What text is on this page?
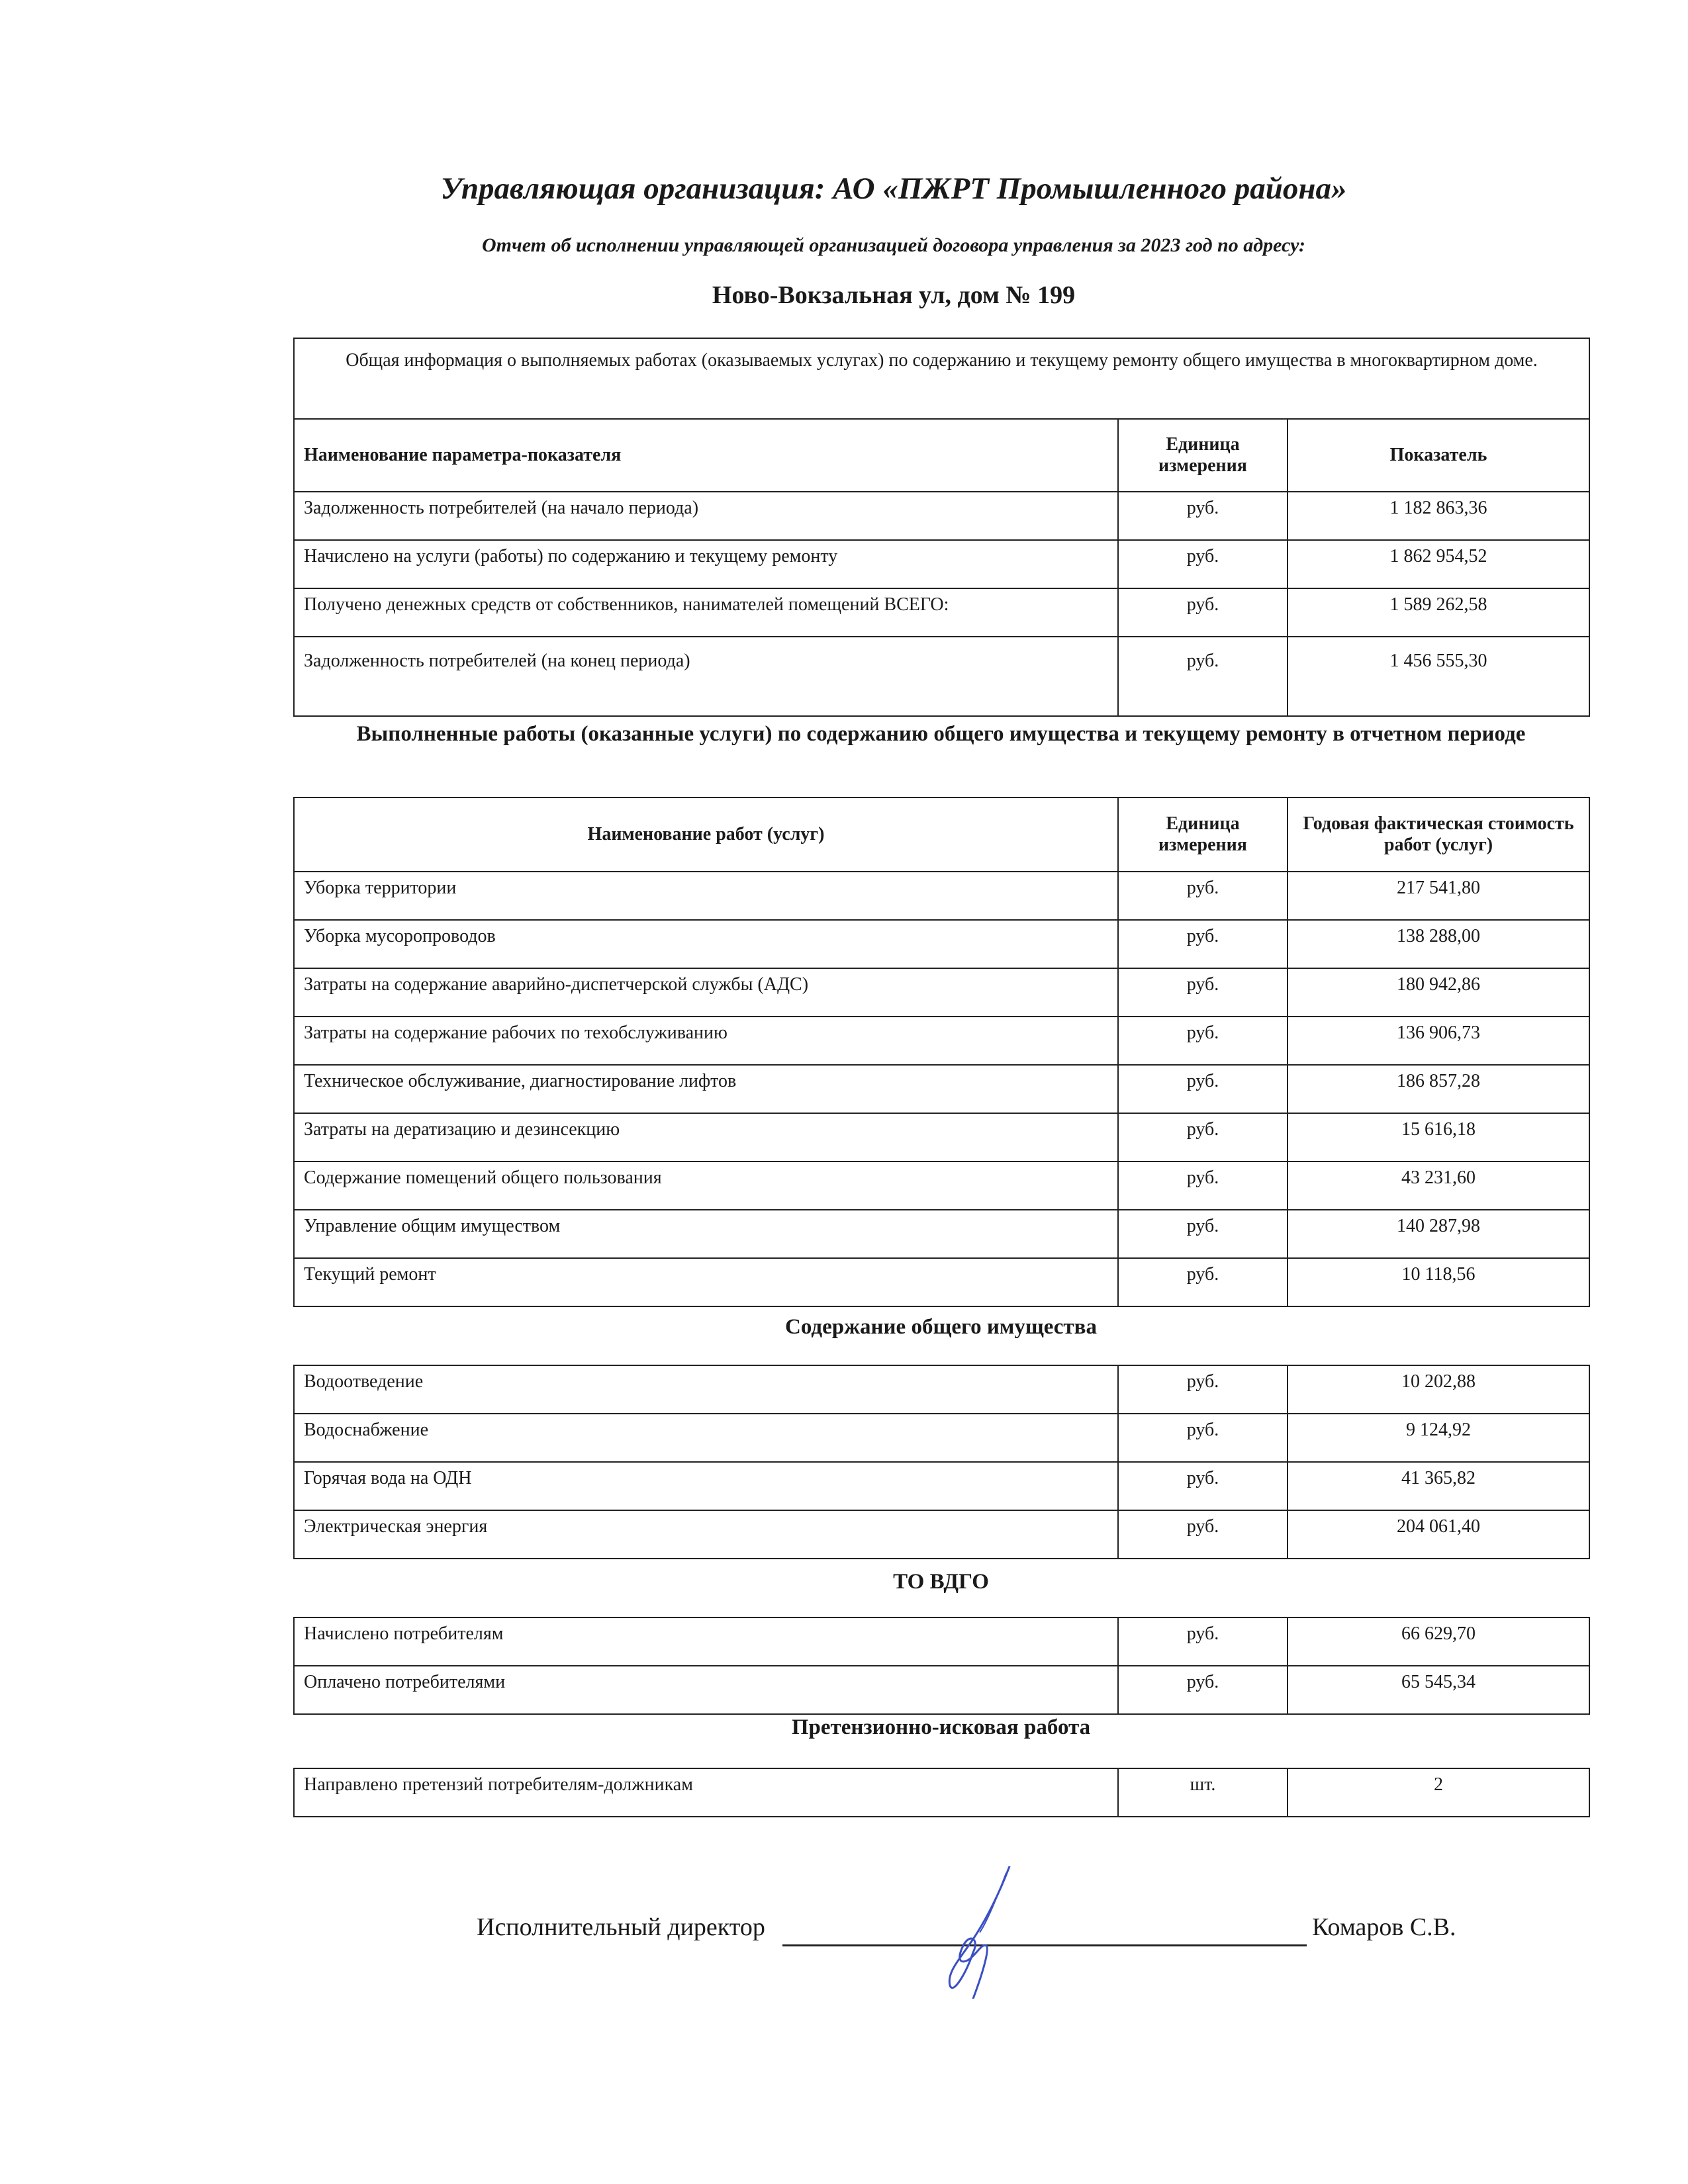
Управляющая организация: АО «ПЖРТ Промышленного района»
Отчет об исполнении управляющей организацией договора управления за 2023 год по адресу:
Ново-Вокзальная ул, дом № 199
Общая информация о выполняемых работах (оказываемых услугах) по содержанию и текущему ремонту общего имущества в многоквартирном доме.		
Наименование параметра-показателя	Единица измерения	Показатель
Задолженность потребителей (на начало периода)	руб.	1 182 863,36
Начислено на услуги (работы) по содержанию и текущему ремонту	руб.	1 862 954,52
Получено денежных средств от собственников, нанимателей помещений ВСЕГО:	руб.	1 589 262,58
Задолженность потребителей (на конец периода)	руб.	1 456 555,30
Выполненные работы (оказанные услуги) по содержанию общего имущества и текущему ремонту в отчетном периоде
Наименование работ (услуг)	Единица измерения	Годовая фактическая стоимость работ (услуг)
Уборка территории	руб.	217 541,80
Уборка мусоропроводов	руб.	138 288,00
Затраты на содержание аварийно-диспетчерской службы (АДС)	руб.	180 942,86
Затраты на содержание рабочих по техобслуживанию	руб.	136 906,73
Техническое обслуживание, диагностирование лифтов	руб.	186 857,28
Затраты на дератизацию и дезинсекцию	руб.	15 616,18
Содержание помещений общего пользования	руб.	43 231,60
Управление общим имуществом	руб.	140 287,98
Текущий ремонт	руб.	10 118,56
Содержание общего имущества
Водоотведение	руб.	10 202,88
Водоснабжение	руб.	9 124,92
Горячая вода на ОДН	руб.	41 365,82
Электрическая энергия	руб.	204 061,40
ТО ВДГО
Начислено потребителям	руб.	66 629,70
Оплачено потребителями	руб.	65 545,34
Претензионно-исковая работа
Направлено претензий потребителям-должникам	шт.	2
Исполнительный директор	Комаров С.В.
